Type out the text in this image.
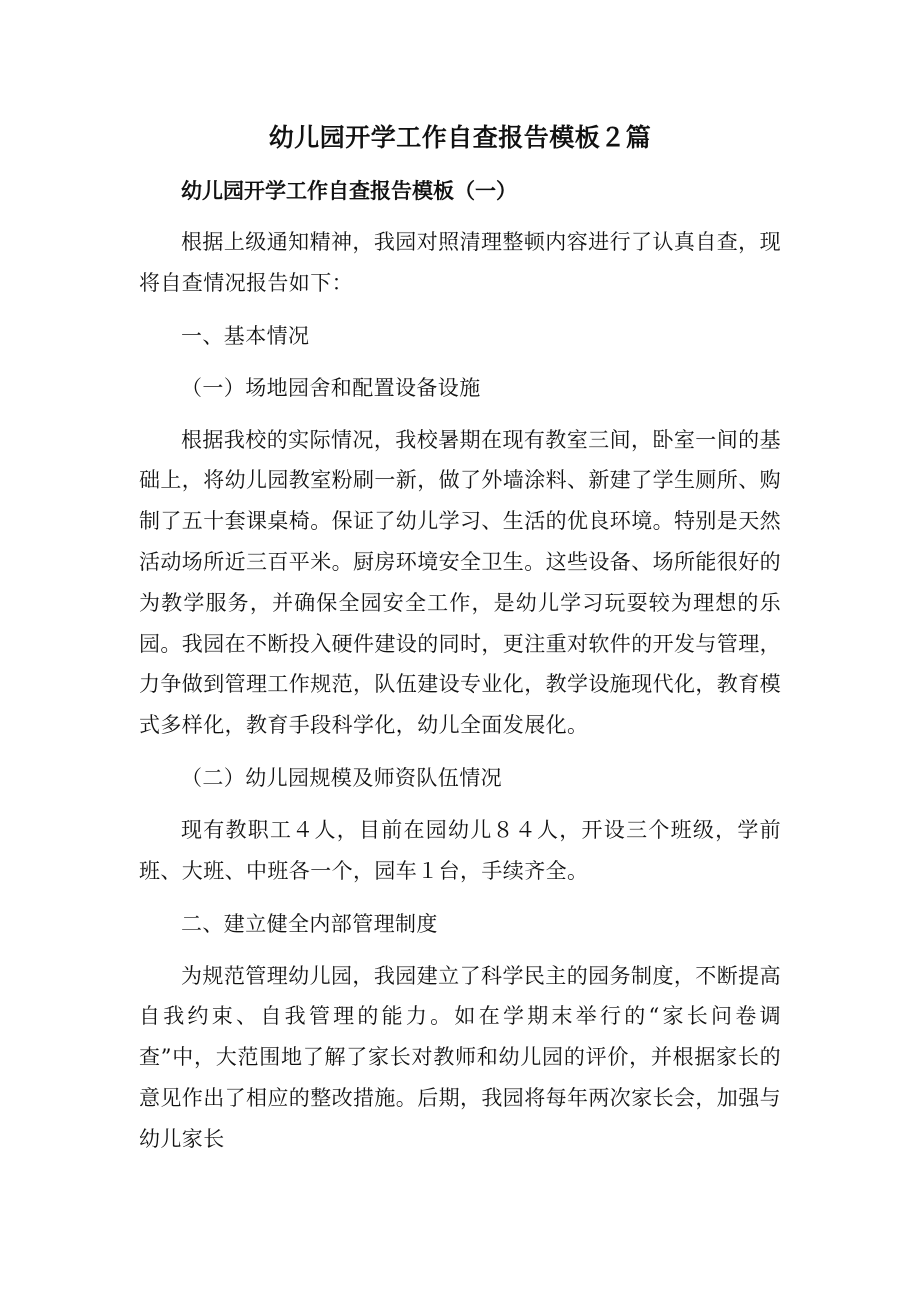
幼儿园开学工作自查报告模板２篇
幼儿园开学工作自查报告模板（一）

根据上级通知精神，我园对照清理整顿内容进行了认真自查，现将自查情况报告如下：

一、基本情况
（一）场地园舍和配置设备设施

根据我校的实际情况，我校暑期在现有教室三间，卧室一间的基础上，将幼儿园教室粉刷一新，做了外墙涂料、新建了学生厕所、购制了五十套课桌椅。保证了幼儿学习、生活的优良环境。特别是天然活动场所近三百平米。厨房环境安全卫生。这些设备、场所能很好的为教学服务，并确保全园安全工作，是幼儿学习玩耍较为理想的乐园。我园在不断投入硬件建设的同时，更注重对软件的开发与管理，力争做到管理工作规范，队伍建设专业化，教学设施现代化，教育模式多样化，教育手段科学化，幼儿全面发展化。

（二）幼儿园规模及师资队伍情况

现有教职工４人，目前在园幼儿８４人，开设三个班级，学前班、大班、中班各一个，园车１台，手续齐全。

二、建立健全内部管理制度

为规范管理幼儿园，我园建立了科学民主的园务制度，不断提高自我约束、自我管理的能力。如在学期末举行的“家长问卷调查”中，大范围地了解了家长对教师和幼儿园的评价，并根据家长的意见作出了相应的整改措施。后期，我园将每年两次家长会，加强与幼儿家长
